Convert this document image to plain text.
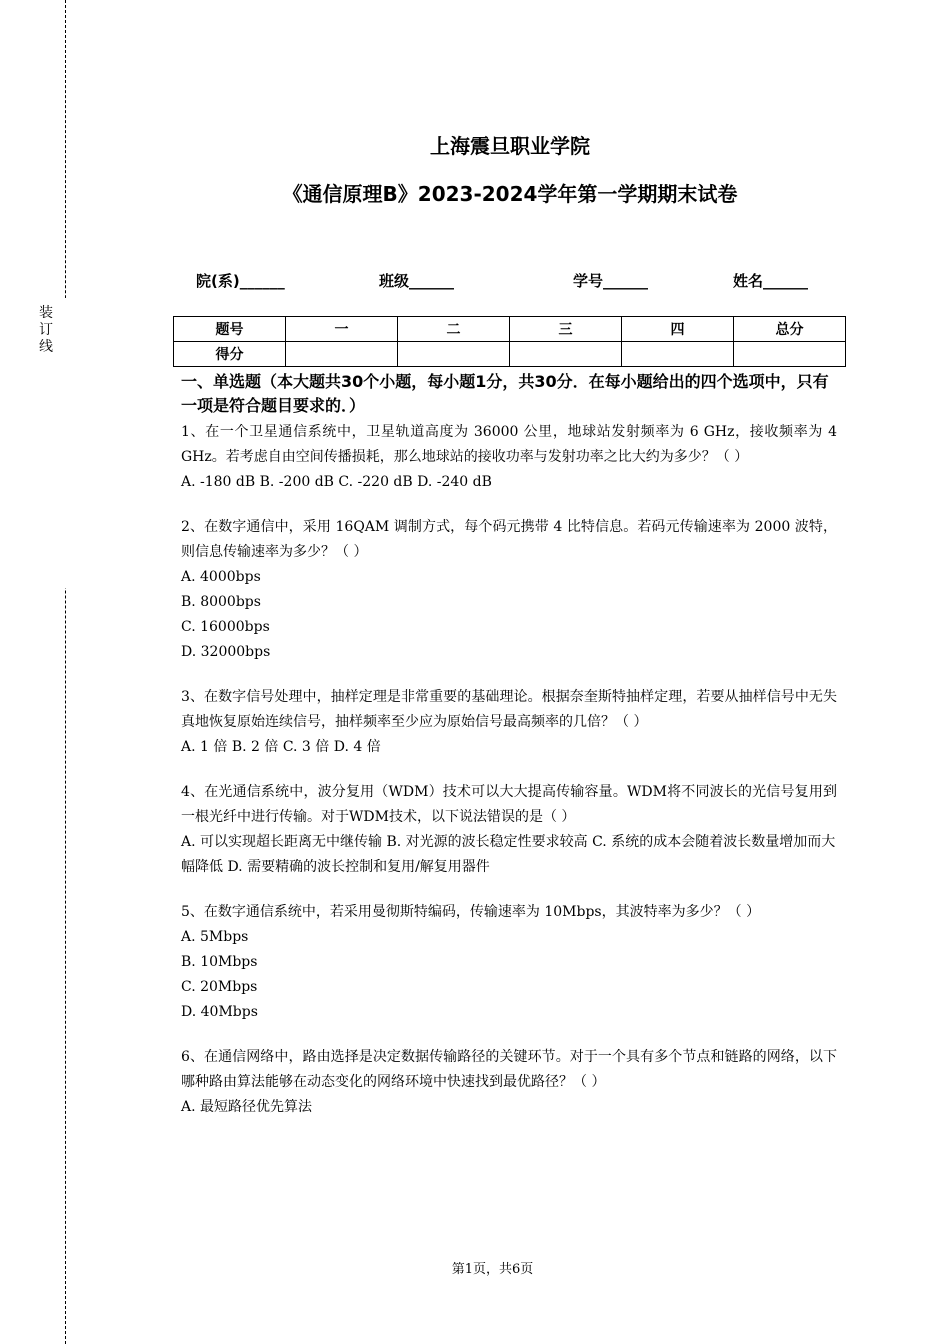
装
订
线
上海震旦职业学院
《通信原理B》2023-2024学年第一学期期末试卷
院(系)______	班级______	学号______	姓名______
题号	一	二	三	四	总分
得分					
一、单选题（本大题共30个小题，每小题1分，共30分．在每小题给出的四个选项中，只有一项是符合题目要求的．）

1、在一个卫星通信系统中，卫星轨道高度为 36000 公里，地球站发射频率为 6 GHz，接收频率为 4 GHz。若考虑自由空间传播损耗，那么地球站的接收功率与发射功率之比大约为多少？（ ）

A. -180 dB B. -200 dB C. -220 dB D. -240 dB

2、在数字通信中，采用 16QAM 调制方式，每个码元携带 4 比特信息。若码元传输速率为 2000 波特，则信息传输速率为多少？（ ）

A. 4000bps

B. 8000bps

C. 16000bps

D. 32000bps

3、在数字信号处理中，抽样定理是非常重要的基础理论。根据奈奎斯特抽样定理，若要从抽样信号中无失真地恢复原始连续信号，抽样频率至少应为原始信号最高频率的几倍？（ ）

A. 1 倍 B. 2 倍 C. 3 倍 D. 4 倍

4、在光通信系统中，波分复用（WDM）技术可以大大提高传输容量。WDM将不同波长的光信号复用到一根光纤中进行传输。对于WDM技术，以下说法错误的是（ ）

A. 可以实现超长距离无中继传输 B. 对光源的波长稳定性要求较高 C. 系统的成本会随着波长数量增加而大幅降低 D. 需要精确的波长控制和复用/解复用器件

5、在数字通信系统中，若采用曼彻斯特编码，传输速率为 10Mbps，其波特率为多少？（ ）

A. 5Mbps

B. 10Mbps

C. 20Mbps

D. 40Mbps

6、在通信网络中，路由选择是决定数据传输路径的关键环节。对于一个具有多个节点和链路的网络，以下哪种路由算法能够在动态变化的网络环境中快速找到最优路径？（ ）

A. 最短路径优先算法

第1页，共6页
